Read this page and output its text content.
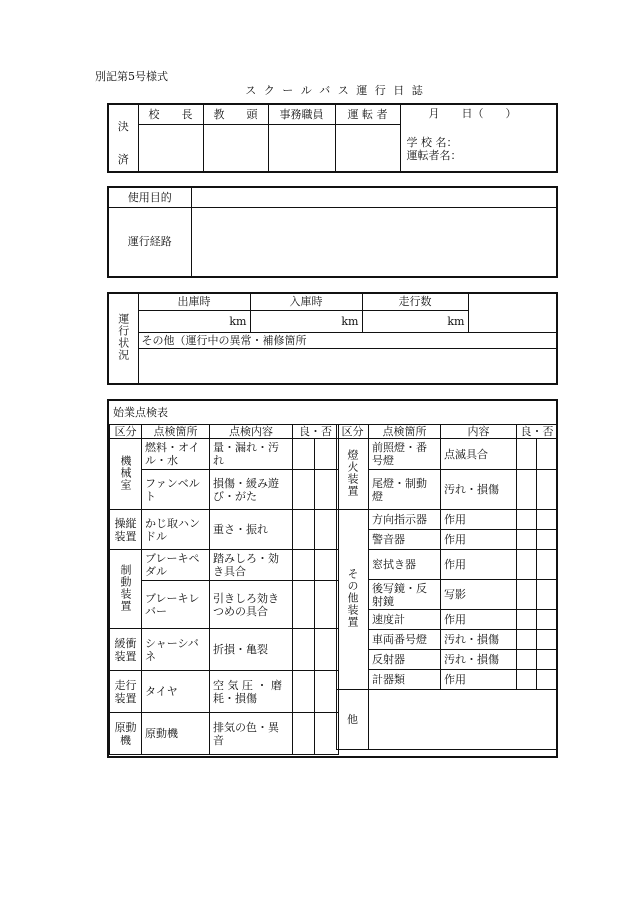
別記第5号様式
ス ク ー ル バ ス 運 行 日 誌
決	校　　長	教　　頭	事務職員	運 転 者	月　　日（　　）
学 校 名：
運転者名：

済					
使用目的	
運行経路	
運行状況	出庫時	入庫時	走行数	
	km	km	km	
	その他（運行中の異常・補修箇所			

始業点検表
区分	点検箇所	点検内容	良・否	
機械室	燃料・オイル・水	量・漏れ・汚れ		
	ファンベルト	損傷・緩み遊び・がた		
操縦装置	かじ取ハンドル	重さ・振れ		
制動装置	ブレーキペダル	踏みしろ・効き具合		
	ブレーキレバー	引きしろ効きつめの具合		
緩衝装置	シャーシバネ	折損・亀裂		
走行装置	タイヤ	空 気 圧 ・ 磨耗・損傷		
原動機	原動機	排気の色・異音		
区分	点検箇所	内容	良・否	
燈火装置	前照燈・番号燈	点滅具合		
	尾燈・制動燈	汚れ・損傷		
その他装置	方向指示器	作用		
	警音器	作用		
	窓拭き器	作用		
	後写鏡・反射鏡	写影		
	速度計	作用		
	車両番号燈	汚れ・損傷		
	反射器	汚れ・損傷		
	計器類	作用		
他				
